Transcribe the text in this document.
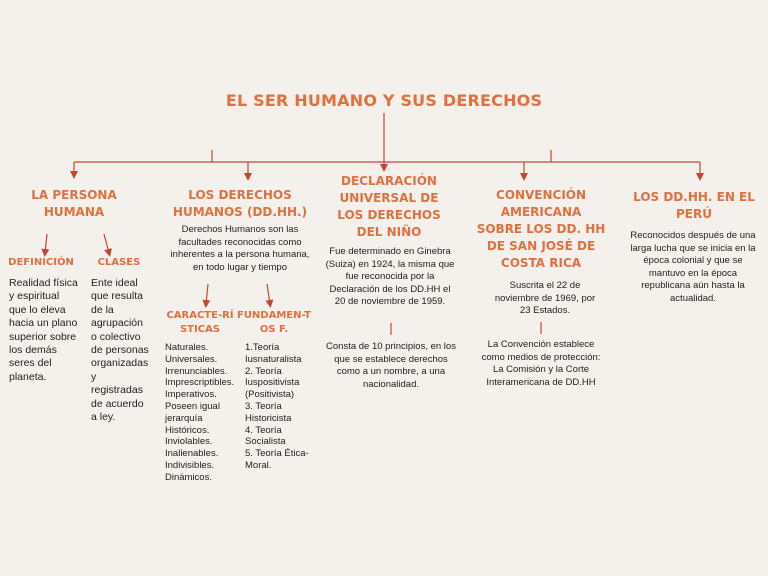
EL SER HUMANO Y SUS DERECHOS
LA PERSONA HUMANA
DEFINICIÓN
Realidad física y espiritual que lo eleva hacia un plano superior sobre los demás seres del planeta.
CLASES
Ente ideal que resulta de la agrupación o colectivo de personas organizadas y registradas de acuerdo a ley.
LOS DERECHOS HUMANOS (DD.HH.)
Derechos Humanos son las facultades reconocidas como inherentes a la persona humana, en todo lugar y tiempo
CARACTE-RÍSTICAS
Naturales.
Universales.
Irrenunciables.
Imprescriptibles.
Imperativos.
Poseen igual
jerarquía
Históricos.
Inviolables.
Inalienables.
Indivisibles.
Dinámicos.
FUNDAMEN-TOS F.
1.Teoría
Iusnaturalista
2. Teoría
Iuspositivista
(Positivista)
3. Teoría
Historicista
4. Teoría
Socialista
5. Teoría Ética-
Moral.
DECLARACIÓN UNIVERSAL DE LOS DERECHOS DEL NIÑO
Fue determinado en Ginebra (Suiza) en 1924, la misma que fue reconocida por la Declaración de los DD.HH el 20 de noviembre de 1959.
Consta de 10 principios, en los que se establece derechos como a un nombre, a una nacionalidad.
CONVENCIÓN AMERICANA SOBRE LOS DD. HH DE SAN JOSÉ DE COSTA RICA
Suscrita el 22 de noviembre de 1969, por 23 Estados.
La Convención establece como medios de protección: La Comisión y la Corte Interamericana de DD.HH
LOS DD.HH. EN EL PERÚ
Reconocidos después de una larga lucha que se inicia en la época colonial y que se mantuvo en la época republicana aún hasta la actualidad.
